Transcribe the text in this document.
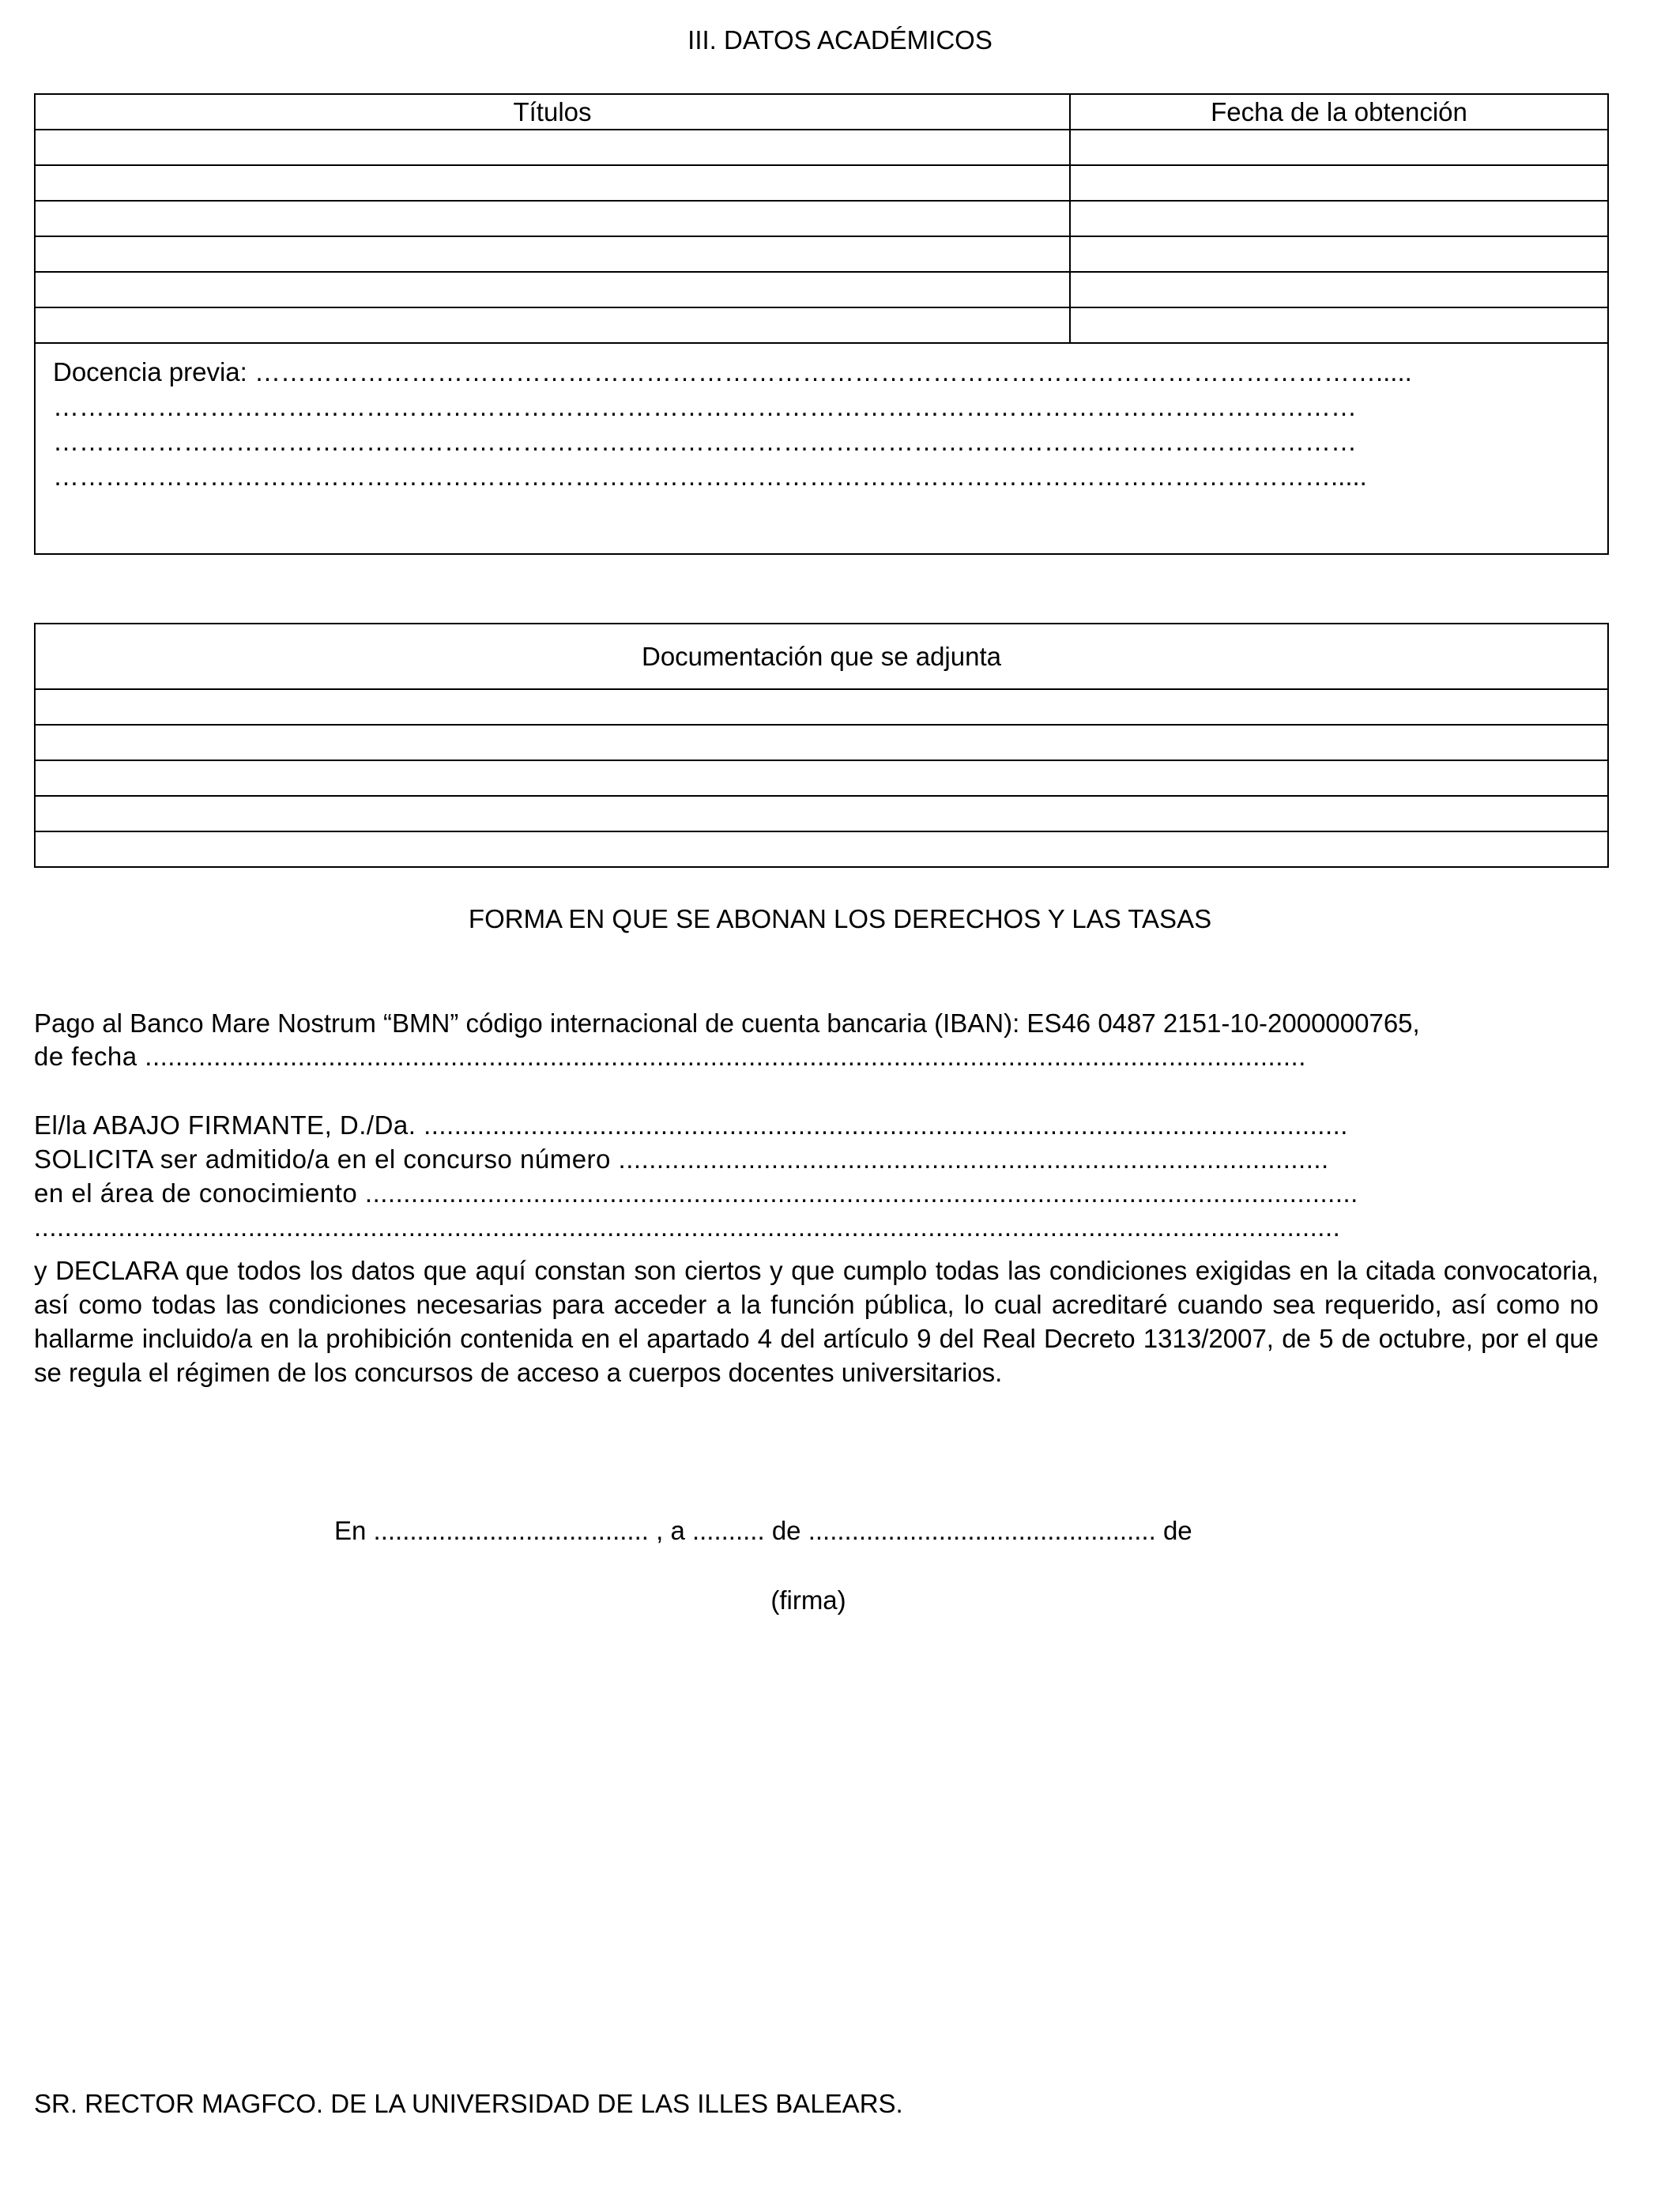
III. DATOS ACADÉMICOS
Títulos	Fecha de la obtención
Docencia previa: ………………………………………………………………………………………………………………….....
……………………………………………………………………………………………………………………………………
……………………………………………………………………………………………………………………………………
………………………………………………………………………………………………………………………………….....
Documentación que se adjunta
FORMA EN QUE SE ABONAN LOS DERECHOS Y LAS TASAS
Pago al Banco Mare Nostrum “BMN” código internacional de cuenta bancaria (IBAN): ES46 0487 2151-10-2000000765,
de fecha ........................................................................................................................................................
El/la ABAJO FIRMANTE, D./Da. .........................................................................................................................
SOLICITA ser admitido/a en el concurso número .............................................................................................
en el área de conocimiento ..................................................................................................................................
...........................................................................................................................................................................
y DECLARA que todos los datos que aquí constan son ciertos y que cumplo todas las condiciones exigidas en la citada convocatoria, así como todas las condiciones necesarias para acceder a la función pública, lo cual acreditaré cuando sea requerido, así como no hallarme incluido/a en la prohibición contenida en el apartado 4 del artículo 9 del Real Decreto 1313/2007, de 5 de octubre, por el que se regula el régimen de los concursos de acceso a cuerpos docentes universitarios.
En ...................................... , a .......... de ................................................ de
(firma)
SR. RECTOR MAGFCO. DE LA UNIVERSIDAD DE LAS ILLES BALEARS.
